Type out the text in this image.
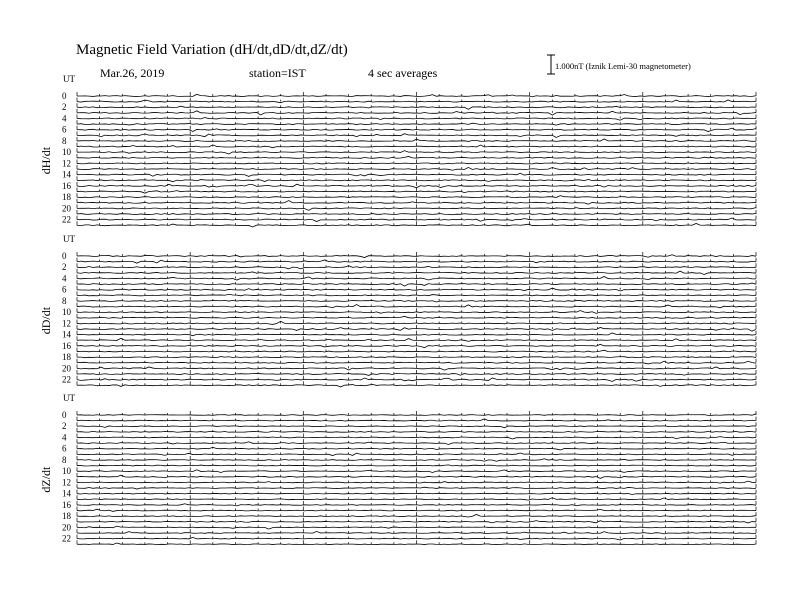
Magnetic Field Variation (dH/dt,dD/dt,dZ/dt)
Mar.26, 2019	station=IST	4 sec averages	1.000nT (Iznik Lemi-30 magnetometer)
UT
dH/dt
0
2
4
6
8
10
12
14
16
18
20
22
UT
dD/dt
0
2
4
6
8
10
12
14
16
18
20
22
UT
dZ/dt
0
2
4
6
8
10
12
14
16
18
20
22
